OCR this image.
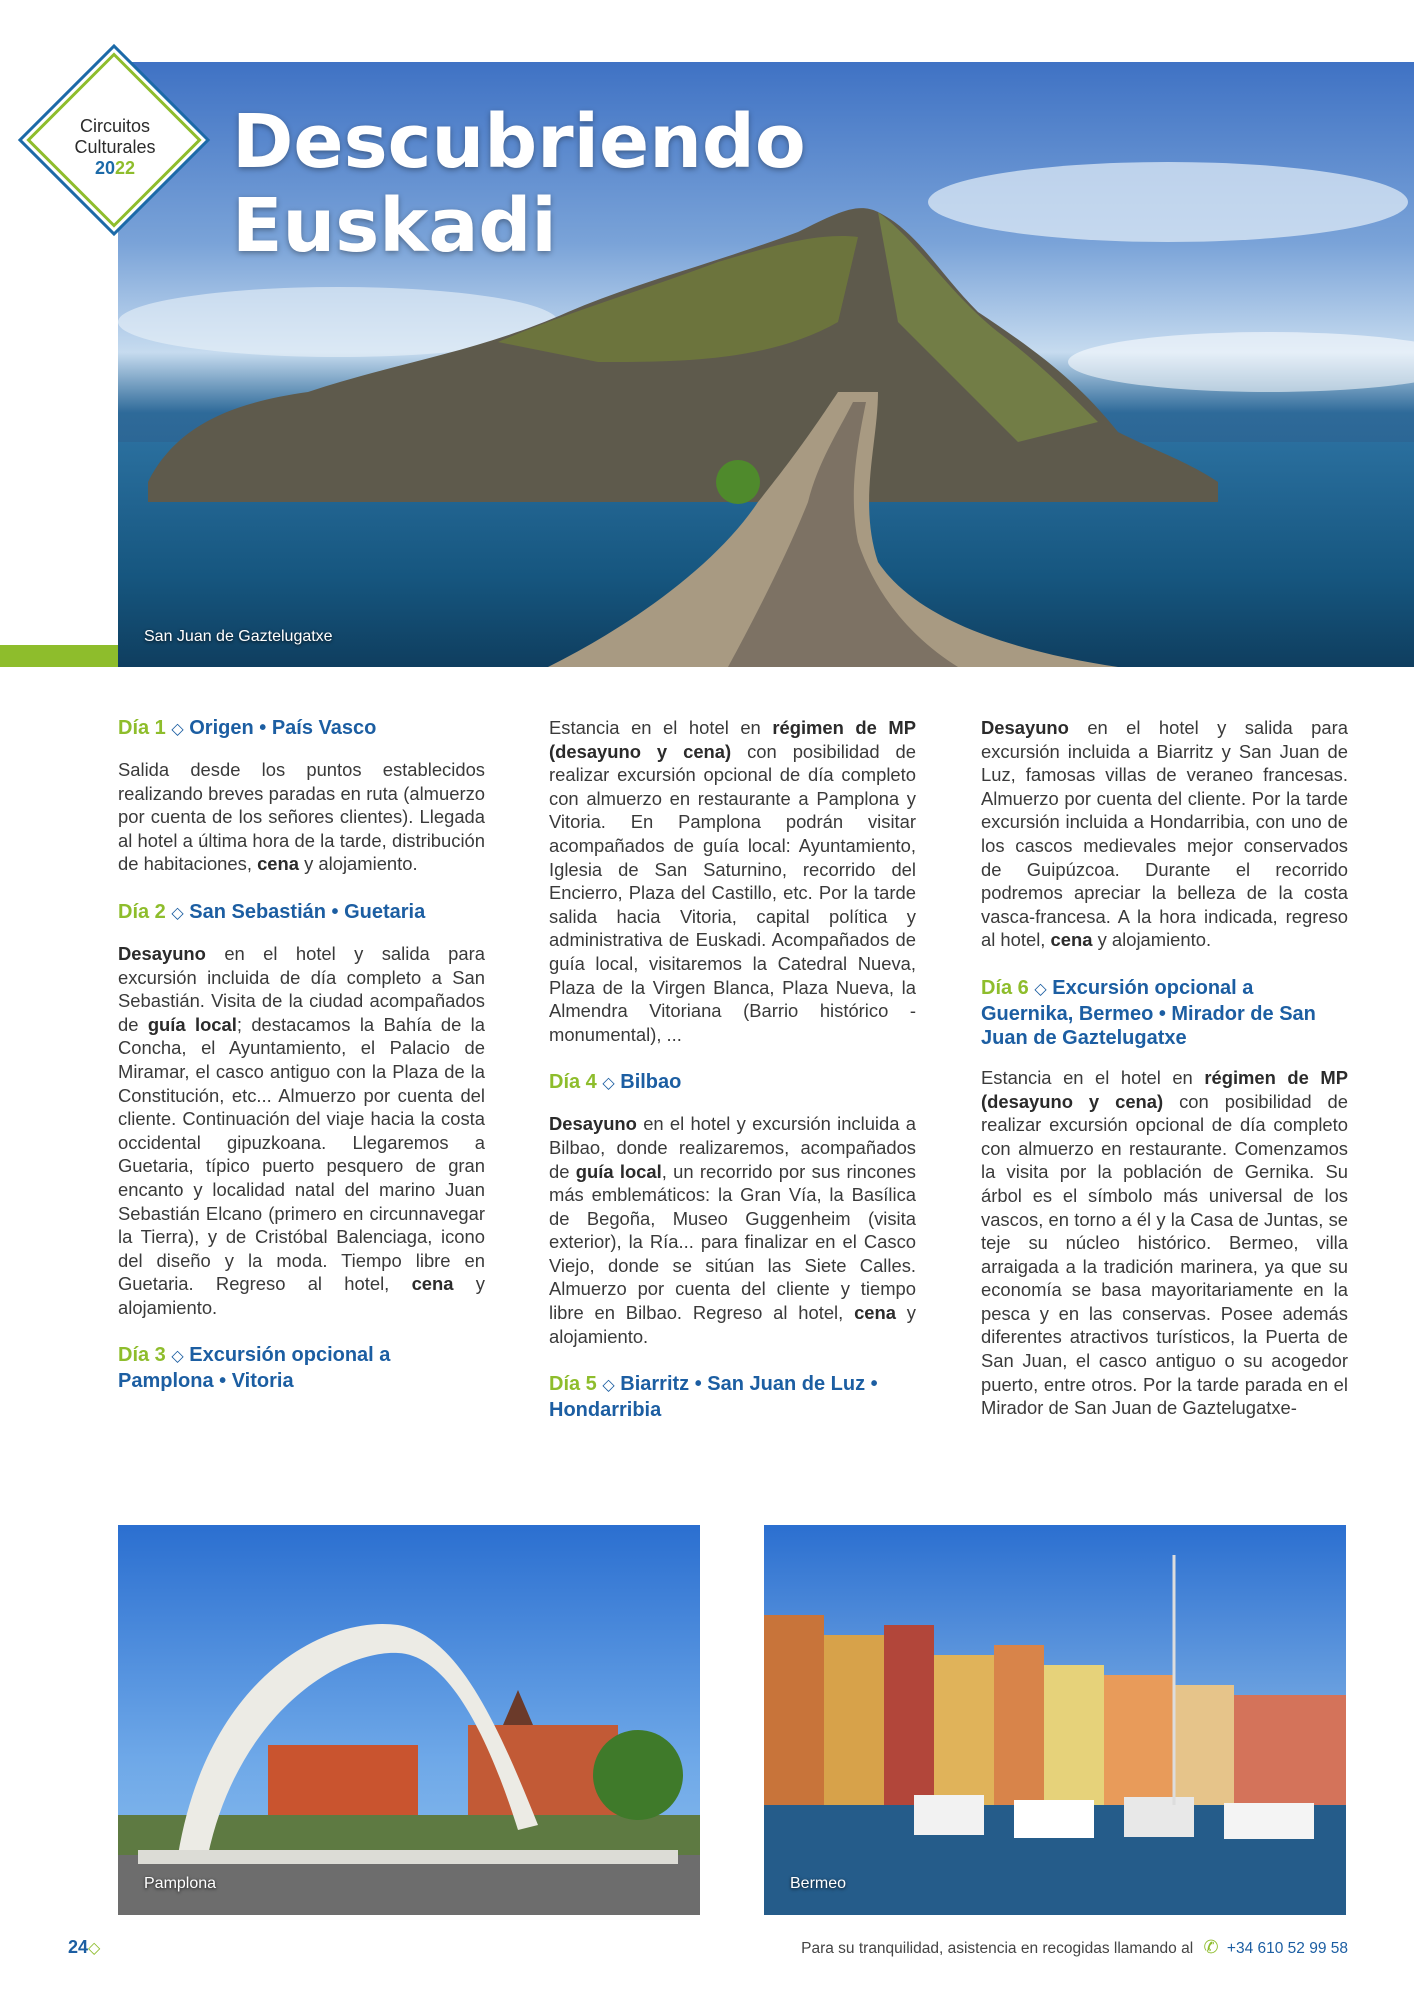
San Juan de Gaztelugatxe
Circuitos
Culturales
2022	Descubriendo
Euskadi
Día 1 ◇ Origen • País Vasco

Salida desde los puntos establecidos realizando breves paradas en ruta (almuerzo por cuenta de los señores clientes). Llegada al hotel a última hora de la tarde, distribución de habitaciones, cena y alojamiento.

Día 2 ◇ San Sebastián • Guetaria

Desayuno en el hotel y salida para excursión incluida de día completo a San Sebastián. Visita de la ciudad acompañados de guía local; destacamos la Bahía de la Concha, el Ayuntamiento, el Palacio de Miramar, el casco antiguo con la Plaza de la Constitución, etc... Almuerzo por cuenta del cliente. Continuación del viaje hacia la costa occidental gipuzkoana. Llegaremos a Guetaria, típico puerto pesquero de gran encanto y localidad natal del marino Juan Sebastián Elcano (primero en circunnavegar la Tierra), y de Cristóbal Balenciaga, icono del diseño y la moda. Tiempo libre en Guetaria. Regreso al hotel, cena y alojamiento.

Día 3 ◇ Excursión opcional a Pamplona • Vitoria

Estancia en el hotel en régimen de MP (desayuno y cena) con posibilidad de realizar excursión opcional de día completo con almuerzo en restaurante a Pamplona y Vitoria. En Pamplona podrán visitar acompañados de guía local: Ayuntamiento, Iglesia de San Saturnino, recorrido del Encierro, Plaza del Castillo, etc. Por la tarde salida hacia Vitoria, capital política y administrativa de Euskadi. Acompañados de guía local, visitaremos la Catedral Nueva, Plaza de la Virgen Blanca, Plaza Nueva, la Almendra Vitoriana (Barrio histórico - monumental), ...

Día 4 ◇ Bilbao

Desayuno en el hotel y excursión incluida a Bilbao, donde realizaremos, acompañados de guía local, un recorrido por sus rincones más emblemáticos: la Gran Vía, la Basílica de Begoña, Museo Guggenheim (visita exterior), la Ría... para finalizar en el Casco Viejo, donde se sitúan las Siete Calles. Almuerzo por cuenta del cliente y tiempo libre en Bilbao. Regreso al hotel, cena y alojamiento.

Día 5 ◇ Biarritz • San Juan de Luz • Hondarribia

Desayuno en el hotel y salida para excursión incluida a Biarritz y San Juan de Luz, famosas villas de veraneo francesas. Almuerzo por cuenta del cliente. Por la tarde excursión incluida a Hondarribia, con uno de los cascos medievales mejor conservados de Guipúzcoa. Durante el recorrido podremos apreciar la belleza de la costa vasca-francesa. A la hora indicada, regreso al hotel, cena y alojamiento.

Día 6 ◇ Excursión opcional a Guernika, Bermeo • Mirador de San Juan de Gaztelugatxe

Estancia en el hotel en régimen de MP (desayuno y cena) con posibilidad de realizar excursión opcional de día completo con almuerzo en restaurante. Comenzamos la visita por la población de Gernika. Su árbol es el símbolo más universal de los vascos, en torno a él y la Casa de Juntas, se teje su núcleo histórico. Bermeo, villa arraigada a la tradición marinera, ya que su economía se basa mayoritariamente en la pesca y en las conservas. Posee además diferentes atractivos turísticos, la Puerta de San Juan, el casco antiguo o su acogedor puerto, entre otros. Por la tarde parada en el Mirador de San Juan de Gaztelugatxe-

Pamplona	Bermeo
24◇	Para su tranquilidad, asistencia en recogidas llamando al ✆ +34 610 52 99 58
